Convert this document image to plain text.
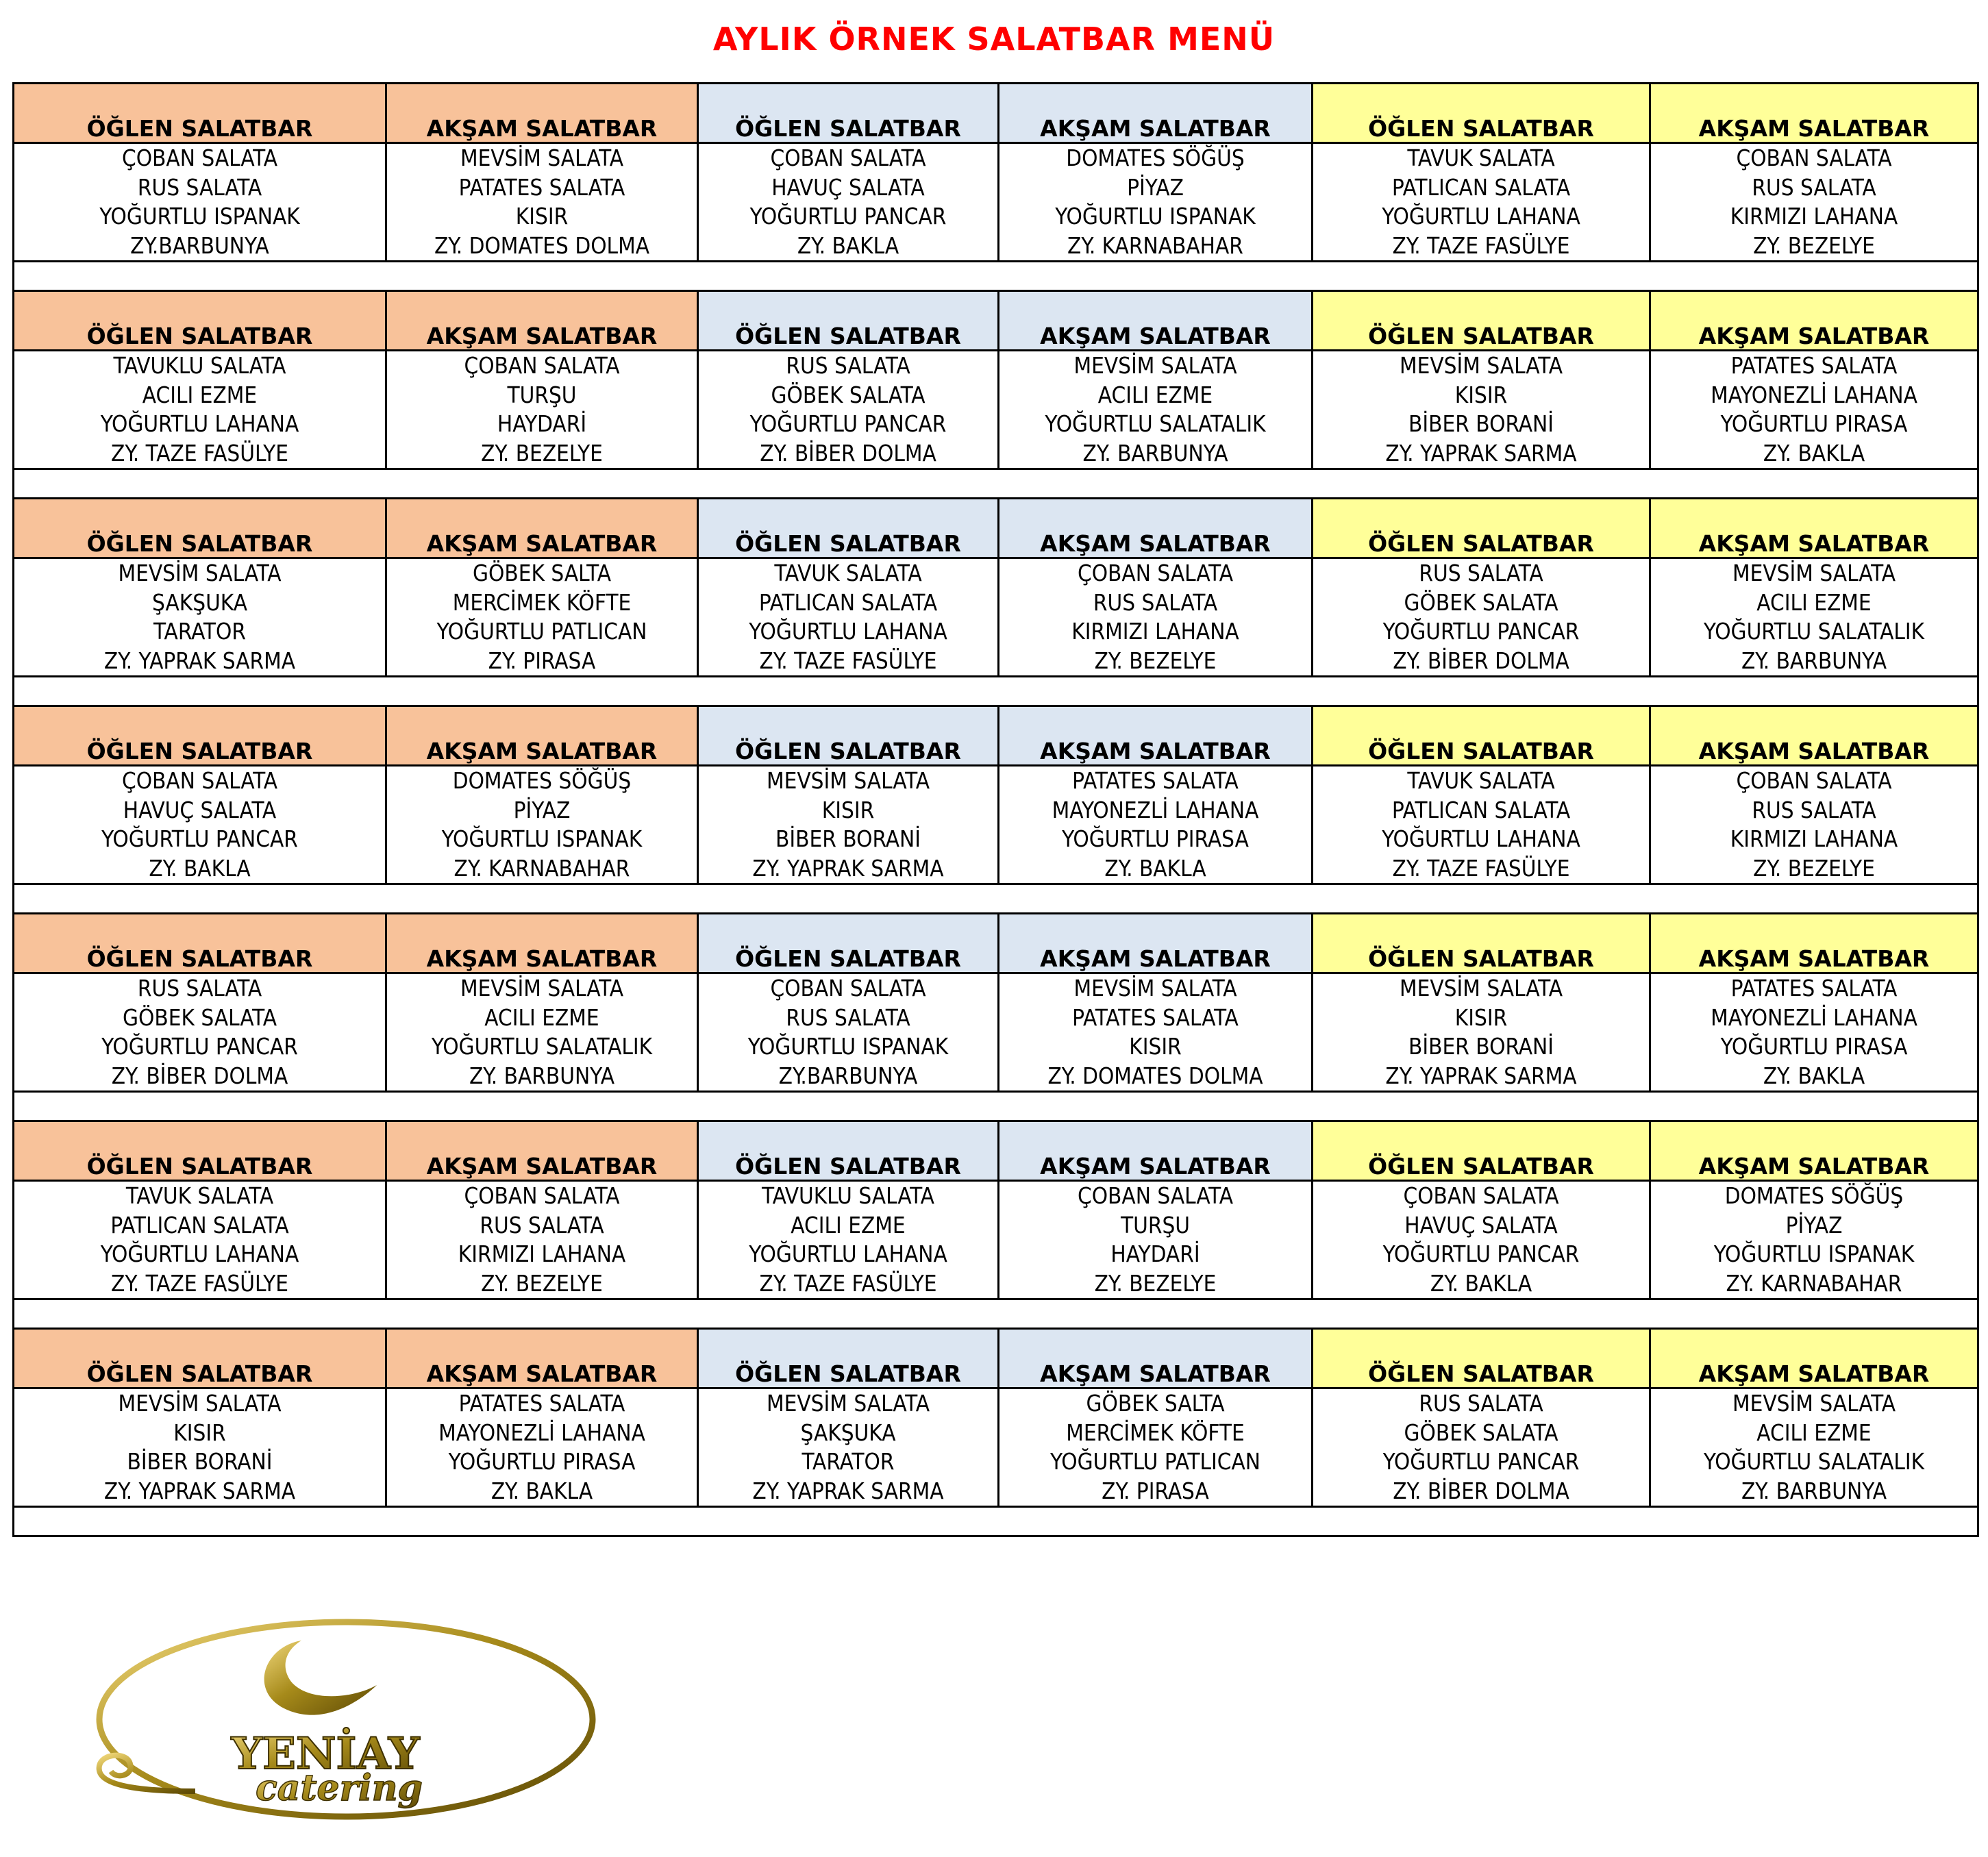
AYLIK ÖRNEK SALATBAR MENÜ
ÖĞLEN SALATBAR	AKŞAM SALATBAR	ÖĞLEN SALATBAR	AKŞAM SALATBAR	ÖĞLEN SALATBAR	AKŞAM SALATBAR

ÇOBAN SALATA
RUS SALATA
YOĞURTLU ISPANAK
ZY.BARBUNYA	MEVSİM SALATA
PATATES SALATA
KISIR
ZY. DOMATES DOLMA	ÇOBAN SALATA
HAVUÇ SALATA
YOĞURTLU PANCAR
ZY. BAKLA	DOMATES SÖĞÜŞ
PİYAZ
YOĞURTLU ISPANAK
ZY. KARNABAHAR	TAVUK SALATA
PATLICAN SALATA
YOĞURTLU LAHANA
ZY. TAZE FASÜLYE	ÇOBAN SALATA
RUS SALATA
KIRMIZI LAHANA
ZY. BEZELYE

ÖĞLEN SALATBAR	AKŞAM SALATBAR	ÖĞLEN SALATBAR	AKŞAM SALATBAR	ÖĞLEN SALATBAR	AKŞAM SALATBAR

TAVUKLU SALATA
ACILI EZME
YOĞURTLU LAHANA
ZY. TAZE FASÜLYE	ÇOBAN SALATA
TURŞU
HAYDARİ
ZY. BEZELYE	RUS SALATA
GÖBEK SALATA
YOĞURTLU PANCAR
ZY. BİBER DOLMA	MEVSİM SALATA
ACILI EZME
YOĞURTLU SALATALIK
ZY. BARBUNYA	MEVSİM SALATA
KISIR
BİBER BORANİ
ZY. YAPRAK SARMA	PATATES SALATA
MAYONEZLİ LAHANA
YOĞURTLU PIRASA
ZY. BAKLA

ÖĞLEN SALATBAR	AKŞAM SALATBAR	ÖĞLEN SALATBAR	AKŞAM SALATBAR	ÖĞLEN SALATBAR	AKŞAM SALATBAR

MEVSİM SALATA
ŞAKŞUKA
TARATOR
ZY. YAPRAK SARMA	GÖBEK SALTA
MERCİMEK KÖFTE
YOĞURTLU PATLICAN
ZY. PIRASA	TAVUK SALATA
PATLICAN SALATA
YOĞURTLU LAHANA
ZY. TAZE FASÜLYE	ÇOBAN SALATA
RUS SALATA
KIRMIZI LAHANA
ZY. BEZELYE	RUS SALATA
GÖBEK SALATA
YOĞURTLU PANCAR
ZY. BİBER DOLMA	MEVSİM SALATA
ACILI EZME
YOĞURTLU SALATALIK
ZY. BARBUNYA

ÖĞLEN SALATBAR	AKŞAM SALATBAR	ÖĞLEN SALATBAR	AKŞAM SALATBAR	ÖĞLEN SALATBAR	AKŞAM SALATBAR

ÇOBAN SALATA
HAVUÇ SALATA
YOĞURTLU PANCAR
ZY. BAKLA	DOMATES SÖĞÜŞ
PİYAZ
YOĞURTLU ISPANAK
ZY. KARNABAHAR	MEVSİM SALATA
KISIR
BİBER BORANİ
ZY. YAPRAK SARMA	PATATES SALATA
MAYONEZLİ LAHANA
YOĞURTLU PIRASA
ZY. BAKLA	TAVUK SALATA
PATLICAN SALATA
YOĞURTLU LAHANA
ZY. TAZE FASÜLYE	ÇOBAN SALATA
RUS SALATA
KIRMIZI LAHANA
ZY. BEZELYE

ÖĞLEN SALATBAR	AKŞAM SALATBAR	ÖĞLEN SALATBAR	AKŞAM SALATBAR	ÖĞLEN SALATBAR	AKŞAM SALATBAR

RUS SALATA
GÖBEK SALATA
YOĞURTLU PANCAR
ZY. BİBER DOLMA	MEVSİM SALATA
ACILI EZME
YOĞURTLU SALATALIK
ZY. BARBUNYA	ÇOBAN SALATA
RUS SALATA
YOĞURTLU ISPANAK
ZY.BARBUNYA	MEVSİM SALATA
PATATES SALATA
KISIR
ZY. DOMATES DOLMA	MEVSİM SALATA
KISIR
BİBER BORANİ
ZY. YAPRAK SARMA	PATATES SALATA
MAYONEZLİ LAHANA
YOĞURTLU PIRASA
ZY. BAKLA

ÖĞLEN SALATBAR	AKŞAM SALATBAR	ÖĞLEN SALATBAR	AKŞAM SALATBAR	ÖĞLEN SALATBAR	AKŞAM SALATBAR

TAVUK SALATA
PATLICAN SALATA
YOĞURTLU LAHANA
ZY. TAZE FASÜLYE	ÇOBAN SALATA
RUS SALATA
KIRMIZI LAHANA
ZY. BEZELYE	TAVUKLU SALATA
ACILI EZME
YOĞURTLU LAHANA
ZY. TAZE FASÜLYE	ÇOBAN SALATA
TURŞU
HAYDARİ
ZY. BEZELYE	ÇOBAN SALATA
HAVUÇ SALATA
YOĞURTLU PANCAR
ZY. BAKLA	DOMATES SÖĞÜŞ
PİYAZ
YOĞURTLU ISPANAK
ZY. KARNABAHAR

ÖĞLEN SALATBAR	AKŞAM SALATBAR	ÖĞLEN SALATBAR	AKŞAM SALATBAR	ÖĞLEN SALATBAR	AKŞAM SALATBAR

MEVSİM SALATA
KISIR
BİBER BORANİ
ZY. YAPRAK SARMA	PATATES SALATA
MAYONEZLİ LAHANA
YOĞURTLU PIRASA
ZY. BAKLA	MEVSİM SALATA
ŞAKŞUKA
TARATOR
ZY. YAPRAK SARMA	GÖBEK SALTA
MERCİMEK KÖFTE
YOĞURTLU PATLICAN
ZY. PIRASA	RUS SALATA
GÖBEK SALATA
YOĞURTLU PANCAR
ZY. BİBER DOLMA	MEVSİM SALATA
ACILI EZME
YOĞURTLU SALATALIK
ZY. BARBUNYA

YENİAY
catering
